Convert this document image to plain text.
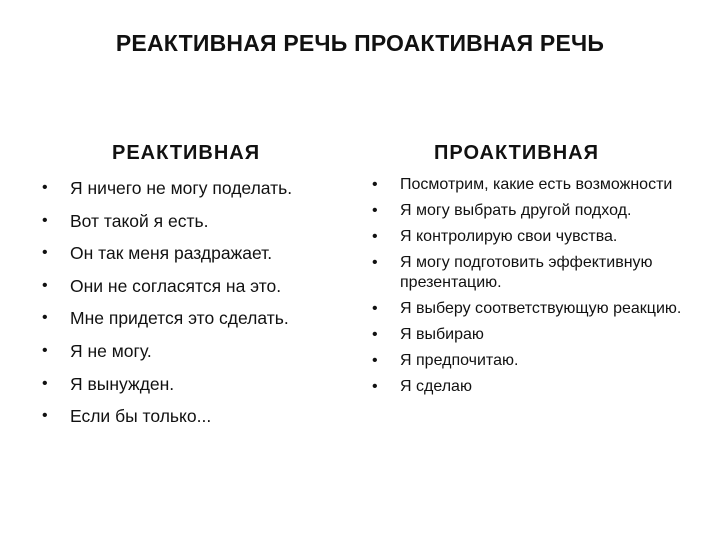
РЕАКТИВНАЯ РЕЧЬ ПРОАКТИВНАЯ РЕЧЬ
РЕАКТИВНАЯ	ПРОАКТИВНАЯ
• Я ничего не могу поделать.
• Вот такой я есть.
• Он так меня раздражает.
• Они не согласятся на это.
• Мне придется это сделать.
• Я не могу.
• Я вынужден.
• Если бы только...
• Посмотрим, какие есть возможности
• Я могу выбрать другой подход.
• Я контролирую свои чувства.
• Я могу подготовить эффективную презентацию.
• Я выберу соответствующую реакцию.
• Я выбираю
• Я предпочитаю.
• Я сделаю
